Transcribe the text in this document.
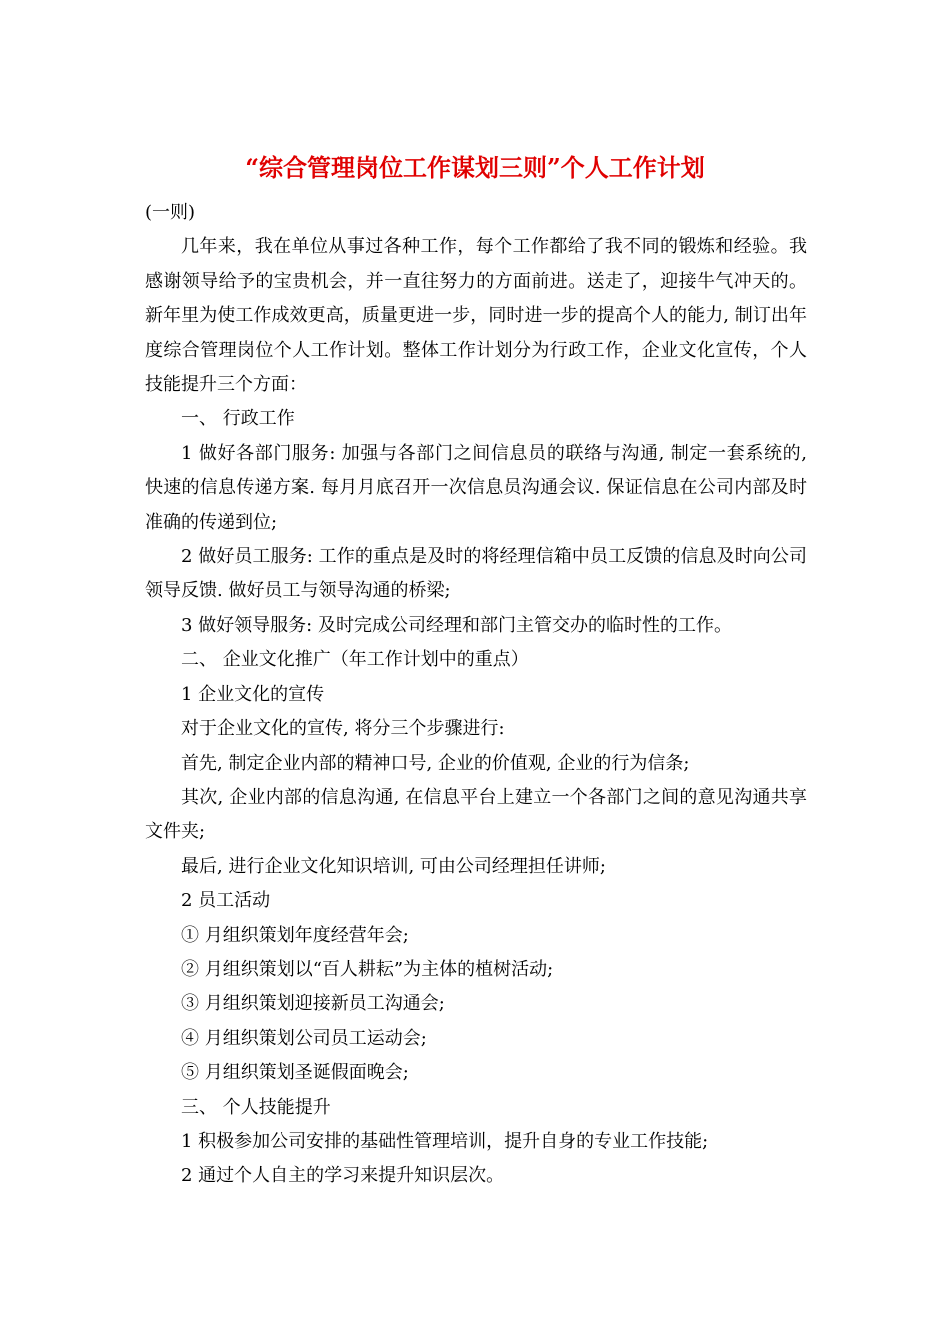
“综合管理岗位工作谋划三则”个人工作计划

(一则)

几年来，我在单位从事过各种工作，每个工作都给了我不同的锻炼和经验。我感谢领导给予的宝贵机会，并一直往努力的方面前进。送走了，迎接牛气冲天的。新年里为使工作成效更高，质量更进一步，同时进一步的提高个人的能力, 制订出年度综合管理岗位个人工作计划。整体工作计划分为行政工作，企业文化宣传，个人技能提升三个方面：

一、 行政工作

1 做好各部门服务: 加强与各部门之间信息员的联络与沟通, 制定一套系统的, 快速的信息传递方案. 每月月底召开一次信息员沟通会议. 保证信息在公司内部及时准确的传递到位;

2 做好员工服务: 工作的重点是及时的将经理信箱中员工反馈的信息及时向公司领导反馈. 做好员工与领导沟通的桥梁;

3 做好领导服务: 及时完成公司经理和部门主管交办的临时性的工作。

二、 企业文化推广（年工作计划中的重点）

1 企业文化的宣传

对于企业文化的宣传, 将分三个步骤进行:

首先, 制定企业内部的精神口号, 企业的价值观, 企业的行为信条;

其次, 企业内部的信息沟通, 在信息平台上建立一个各部门之间的意见沟通共享文件夹;

最后, 进行企业文化知识培训, 可由公司经理担任讲师;

2 员工活动

① 月组织策划年度经营年会;

② 月组织策划以“百人耕耘”为主体的植树活动;

③ 月组织策划迎接新员工沟通会;

④ 月组织策划公司员工运动会;

⑤ 月组织策划圣诞假面晚会;

三、 个人技能提升

1 积极参加公司安排的基础性管理培训，提升自身的专业工作技能;

2 通过个人自主的学习来提升知识层次。
